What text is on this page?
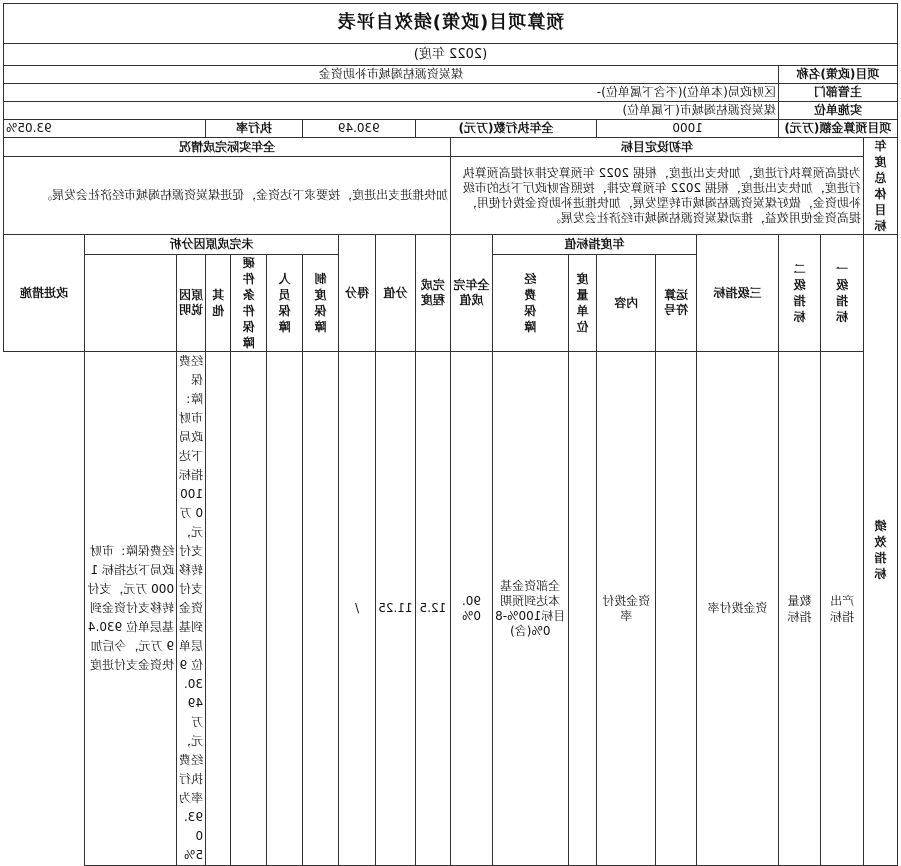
预算项目(政策)绩效自评表																		
(2022 年度)																		
项目(政策)名称			煤炭资源枯竭城市补助资金															
主管部门			区财政局(本单位)(不含下属单位)-															
实施单位			煤炭资源枯竭城市(下属单位)															
项目预算金额(万元)			1000			全年执行数(万元)				930.49			执行率			93.05%		

年度总体目标	年初设定目标								全年实际完成情况									
	为提高预算执行进度，加快支出进度，根据 2022 年预算安排对提高预算执行进度，加快支出进度，根据 2022 年预算安排，按照省财政厅下达的市级补助资金，做好煤炭资源枯竭城市转型发展，加快推进补助资金拨付使用，提高资金使用效益，推动煤炭资源枯竭城市经济社会发展。								加快推进支出进度，按要求下达资金，促进煤炭资源枯竭城市经济社会发展。									

绩效指标	一级指标	二级指标	三级指标	年度指标值				全年完成值	完成程度	分值	得分	未完成原因分析						改进措施
				运算符号	内容	度量单位	经费保障					制度保障	人员保障	硬件条件保障	其他	原因说明		

	产出指标	数量指标	资金拨付率		资金拨付率		全部资金基本达到预期目标100%-80%(含)	90.0%	12.5	11.25	/					经费保障：市财政局下达指标 1000 万元，支付转移支付资金到基层单位 930.49 万元，经费执行率为 93.05%	经费保障：市财政局下达指标 1000 万元，支付转移支付资金到基层单位 930.49 万元，今后加快资金支付进度	
